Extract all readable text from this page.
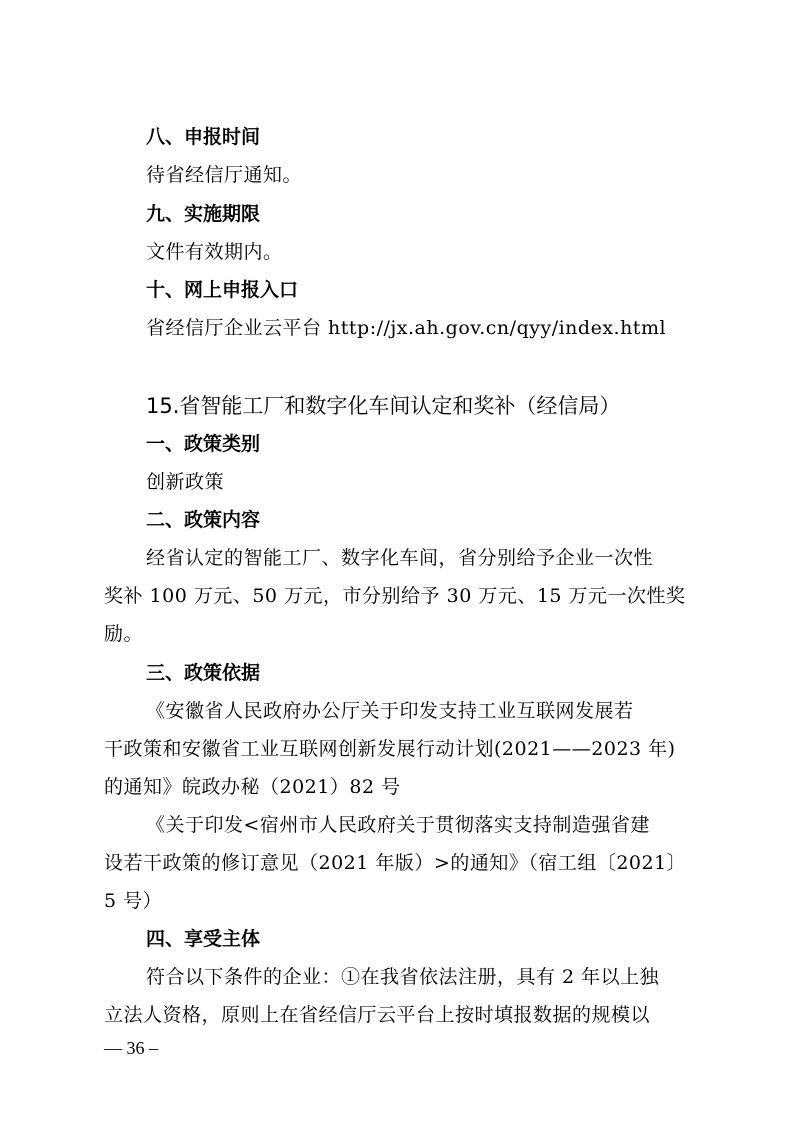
八、申报时间
待省经信厅通知。
九、实施期限
文件有效期内。
十、网上申报入口
省经信厅企业云平台 http://jx.ah.gov.cn/qyy/index.html
15.省智能工厂和数字化车间认定和奖补（经信局）
一、政策类别
创新政策
二、政策内容
经省认定的智能工厂、数字化车间，省分别给予企业一次性
奖补 100 万元、50 万元，市分别给予 30 万元、15 万元一次性奖
励。
三、政策依据
《安徽省人民政府办公厅关于印发支持工业互联网发展若
干政策和安徽省工业互联网创新发展行动计划(2021——2023 年)
的通知》皖政办秘（2021）82 号
《关于印发<宿州市人民政府关于贯彻落实支持制造强省建
设若干政策的修订意见（2021 年版）>的通知》（宿工组〔2021〕
5 号）
四、享受主体
符合以下条件的企业：①在我省依法注册，具有 2 年以上独
立法人资格，原则上在省经信厅云平台上按时填报数据的规模以
— 36 –
